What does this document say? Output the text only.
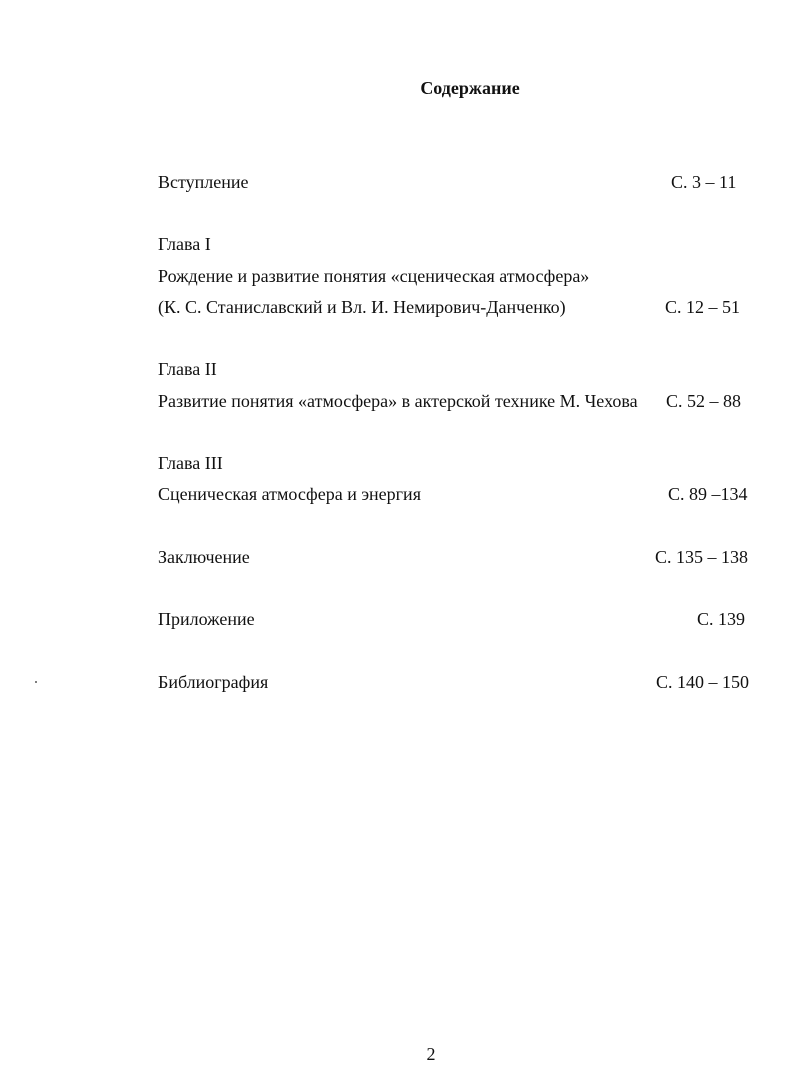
Содержание
Вступление	С. 3 – 11
Глава I
Рождение и развитие понятия «сценическая атмосфера»
(К. С. Станиславский и Вл. И. Немирович-Данченко)	С. 12 – 51
Глава II
Развитие понятия «атмосфера» в актерской технике М. Чехова С. 52 – 88
Глава III
Сценическая атмосфера и энергия	С. 89 –134
Заключение	С. 135 – 138
Приложение	С. 139
Библиография	С. 140 – 150
2
